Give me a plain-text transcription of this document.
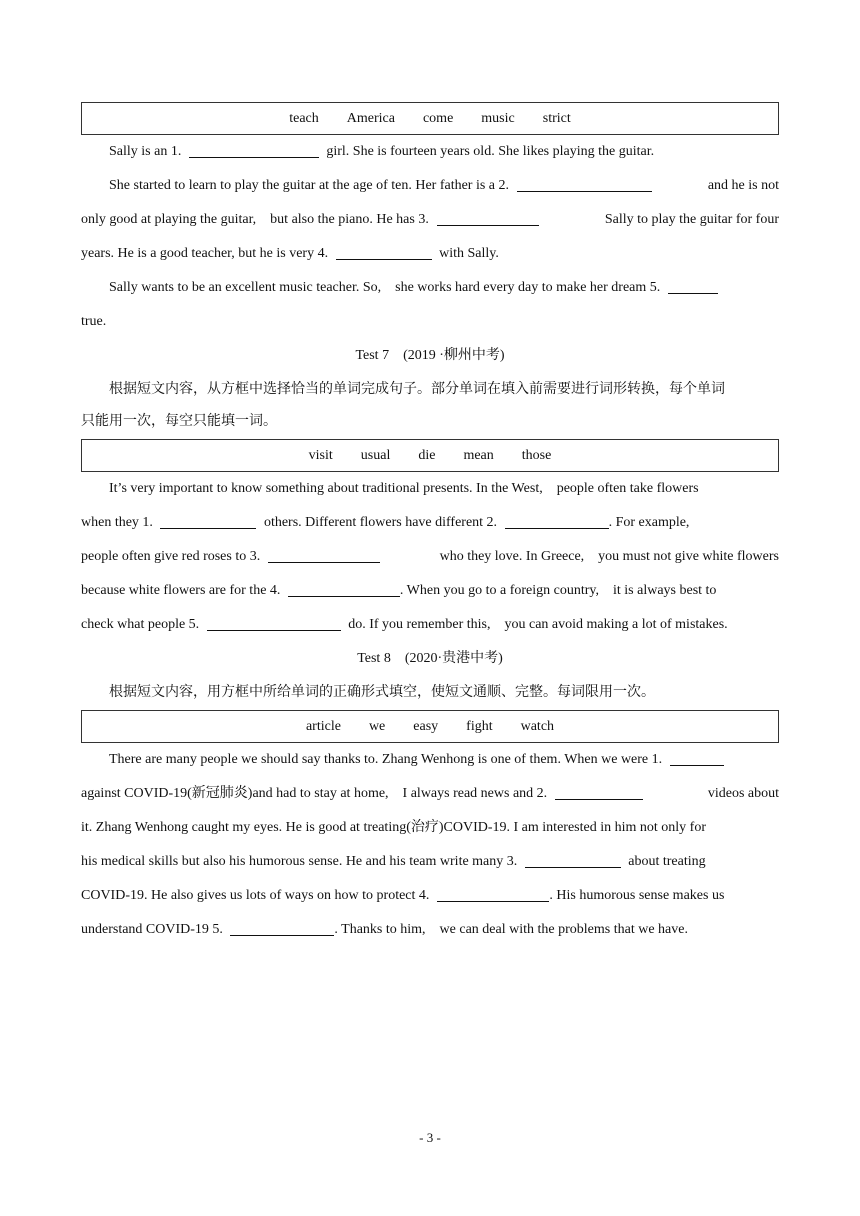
teach America come music strict
Sally is an 1.	girl. She is fourteen years old. She likes playing the guitar.
She started to learn to play the guitar at the age of ten. Her father is a 2.	and he is not
only good at playing the guitar,　but also the piano. He has 3.	Sally to play the guitar for four
years. He is a good teacher, but he is very 4.	with Sally.
Sally wants to be an excellent music teacher. So,　she works hard every day to make her dream 5.
true.
Test 7　(2019 ·柳州中考)
根据短文内容，从方框中选择恰当的单词完成句子。部分单词在填入前需要进行词形转换，每个单词
只能用一次，每空只能填一词。
visit usual die mean those
It’s very important to know something about traditional presents. In the West,　people often take flowers
when they 1.	others. Different flowers have different 2.	. For example,
people often give red roses to 3.	who they love. In Greece,　you must not give white flowers
because white flowers are for the 4.	. When you go to a foreign country,　it is always best to
check what people 5.	do. If you remember this,　you can avoid making a lot of mistakes.
Test 8　(2020·贵港中考)
根据短文内容，用方框中所给单词的正确形式填空，使短文通顺、完整。每词限用一次。
article we easy fight watch
There are many people we should say thanks to. Zhang Wenhong is one of them. When we were 1.
against COVID-19(新冠肺炎)and had to stay at home,　I always read news and 2.	videos about
it. Zhang Wenhong caught my eyes. He is good at treating(治疗)COVID-19. I am interested in him not only for
his medical skills but also his humorous sense. He and his team write many 3.	about treating
COVID-19. He also gives us lots of ways on how to protect 4.	. His humorous sense makes us
understand COVID-19 5.	. Thanks to him,　we can deal with the problems that we have.
- 3 -
